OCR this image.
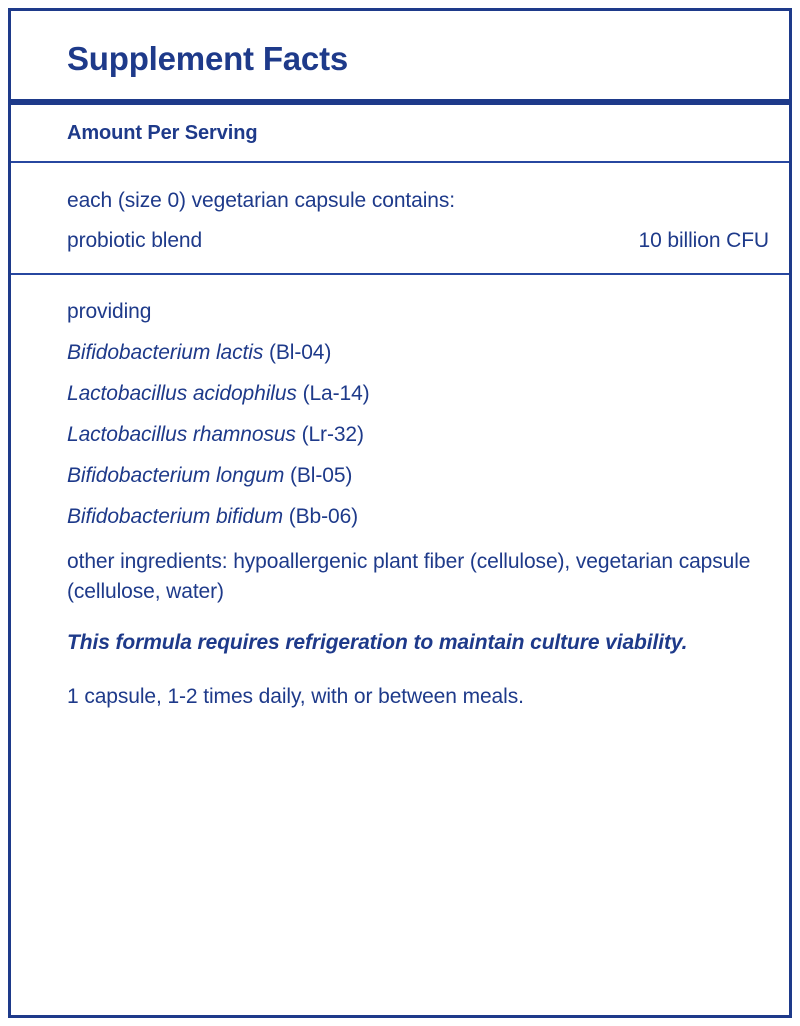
Supplement Facts
Amount Per Serving
each (size 0) vegetarian capsule contains:
probiotic blend	10 billion CFU
providing
Bifidobacterium lactis (Bl-04)
Lactobacillus acidophilus (La-14)
Lactobacillus rhamnosus (Lr-32)
Bifidobacterium longum (Bl-05)
Bifidobacterium bifidum (Bb-06)
other ingredients: hypoallergenic plant fiber (cellulose), vegetarian capsule (cellulose, water)
This formula requires refrigeration to maintain culture viability.
1 capsule, 1-2 times daily, with or between meals.
